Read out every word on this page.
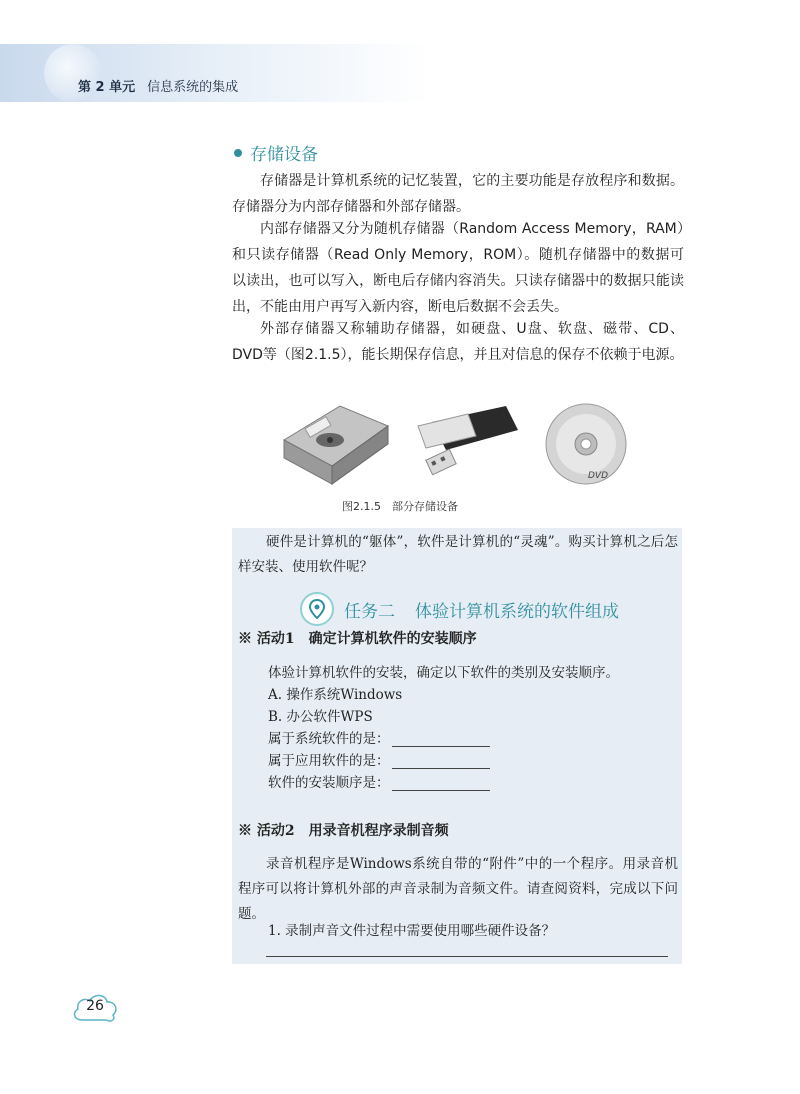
第 2 单元 信息系统的集成
存储设备

存储器是计算机系统的记忆装置，它的主要功能是存放程序和数据。存储器分为内部存储器和外部存储器。

内部存储器又分为随机存储器（Random Access Memory，RAM）和只读存储器（Read Only Memory，ROM）。随机存储器中的数据可以读出，也可以写入，断电后存储内容消失。只读存储器中的数据只能读出，不能由用户再写入新内容，断电后数据不会丢失。

外部存储器又称辅助存储器，如硬盘、U盘、软盘、磁带、CD、DVD等（图2.1.5），能长期保存信息，并且对信息的保存不依赖于电源。

DVD
图2.1.5　部分存储设备

硬件是计算机的“躯体”，软件是计算机的“灵魂”。购买计算机之后怎样安装、使用软件呢？

任务二 体验计算机系统的软件组成
※ 活动1 确定计算机软件的安装顺序
体验计算机软件的安装，确定以下软件的类别及安装顺序。
A. 操作系统Windows
B. 办公软件WPS
属于系统软件的是：
属于应用软件的是：
软件的安装顺序是：
※ 活动2 用录音机程序录制音频

录音机程序是Windows系统自带的“附件”中的一个程序。用录音机程序可以将计算机外部的声音录制为音频文件。请查阅资料，完成以下问题。

1. 录制声音文件过程中需要使用哪些硬件设备？
26
